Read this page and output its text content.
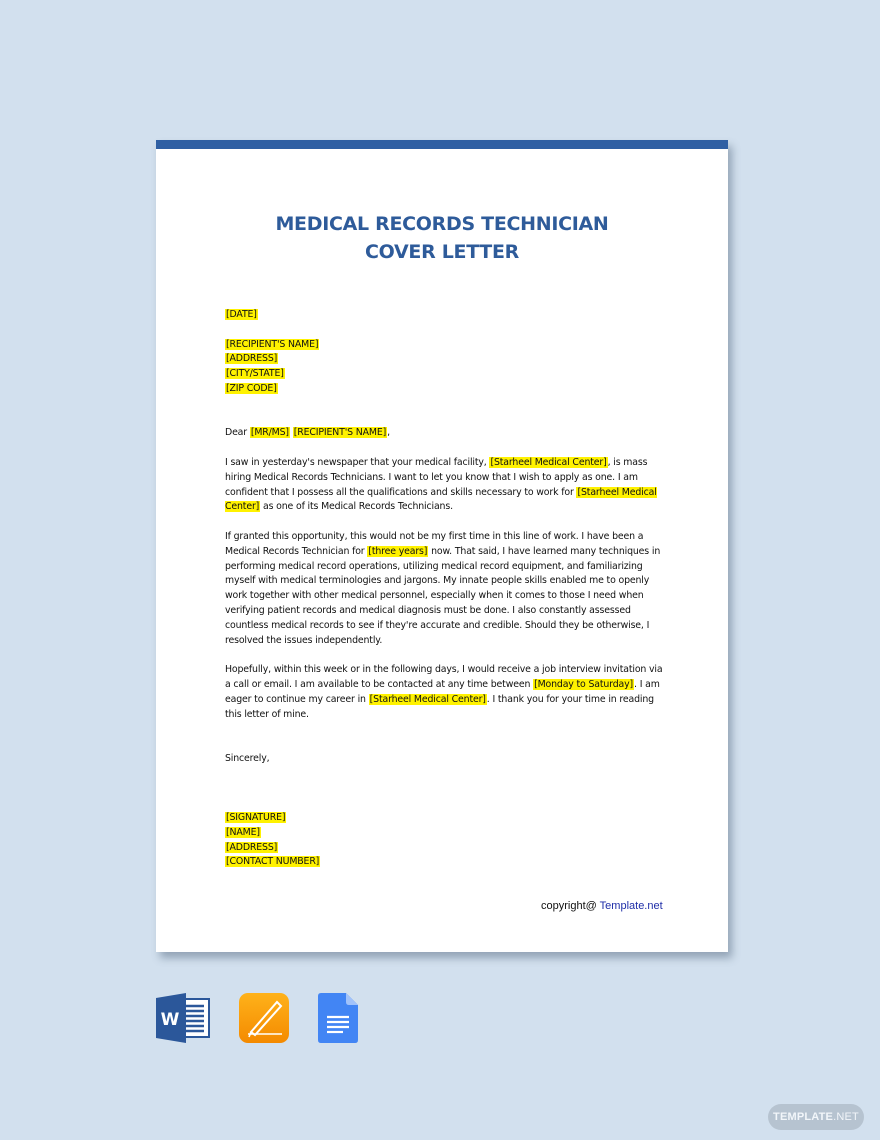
MEDICAL RECORDS TECHNICIAN
COVER LETTER
[DATE]
[RECIPIENT'S NAME]
[ADDRESS]
[CITY/STATE]
[ZIP CODE]

Dear [MR/MS] [RECIPIENT'S NAME],

I saw in yesterday's newspaper that your medical facility, [Starheel Medical Center], is mass hiring Medical Records Technicians. I want to let you know that I wish to apply as one. I am confident that I possess all the qualifications and skills necessary to work for [Starheel Medical Center] as one of its Medical Records Technicians.

If granted this opportunity, this would not be my first time in this line of work. I have been a Medical Records Technician for [three years] now. That said, I have learned many techniques in performing medical record operations, utilizing medical record equipment, and familiarizing myself with medical terminologies and jargons. My innate people skills enabled me to openly work together with other medical personnel, especially when it comes to those I need when verifying patient records and medical diagnosis must be done. I also constantly assessed countless medical records to see if they're accurate and credible. Should they be otherwise, I resolved the issues independently.

Hopefully, within this week or in the following days, I would receive a job interview invitation via a call or email. I am available to be contacted at any time between [Monday to Saturday]. I am eager to continue my career in [Starheel Medical Center]. I thank you for your time in reading this letter of mine.

Sincerely,

[SIGNATURE]
[NAME]
[ADDRESS]
[CONTACT NUMBER]
copyright@ Template.net
W
TEMPLATE.NET
